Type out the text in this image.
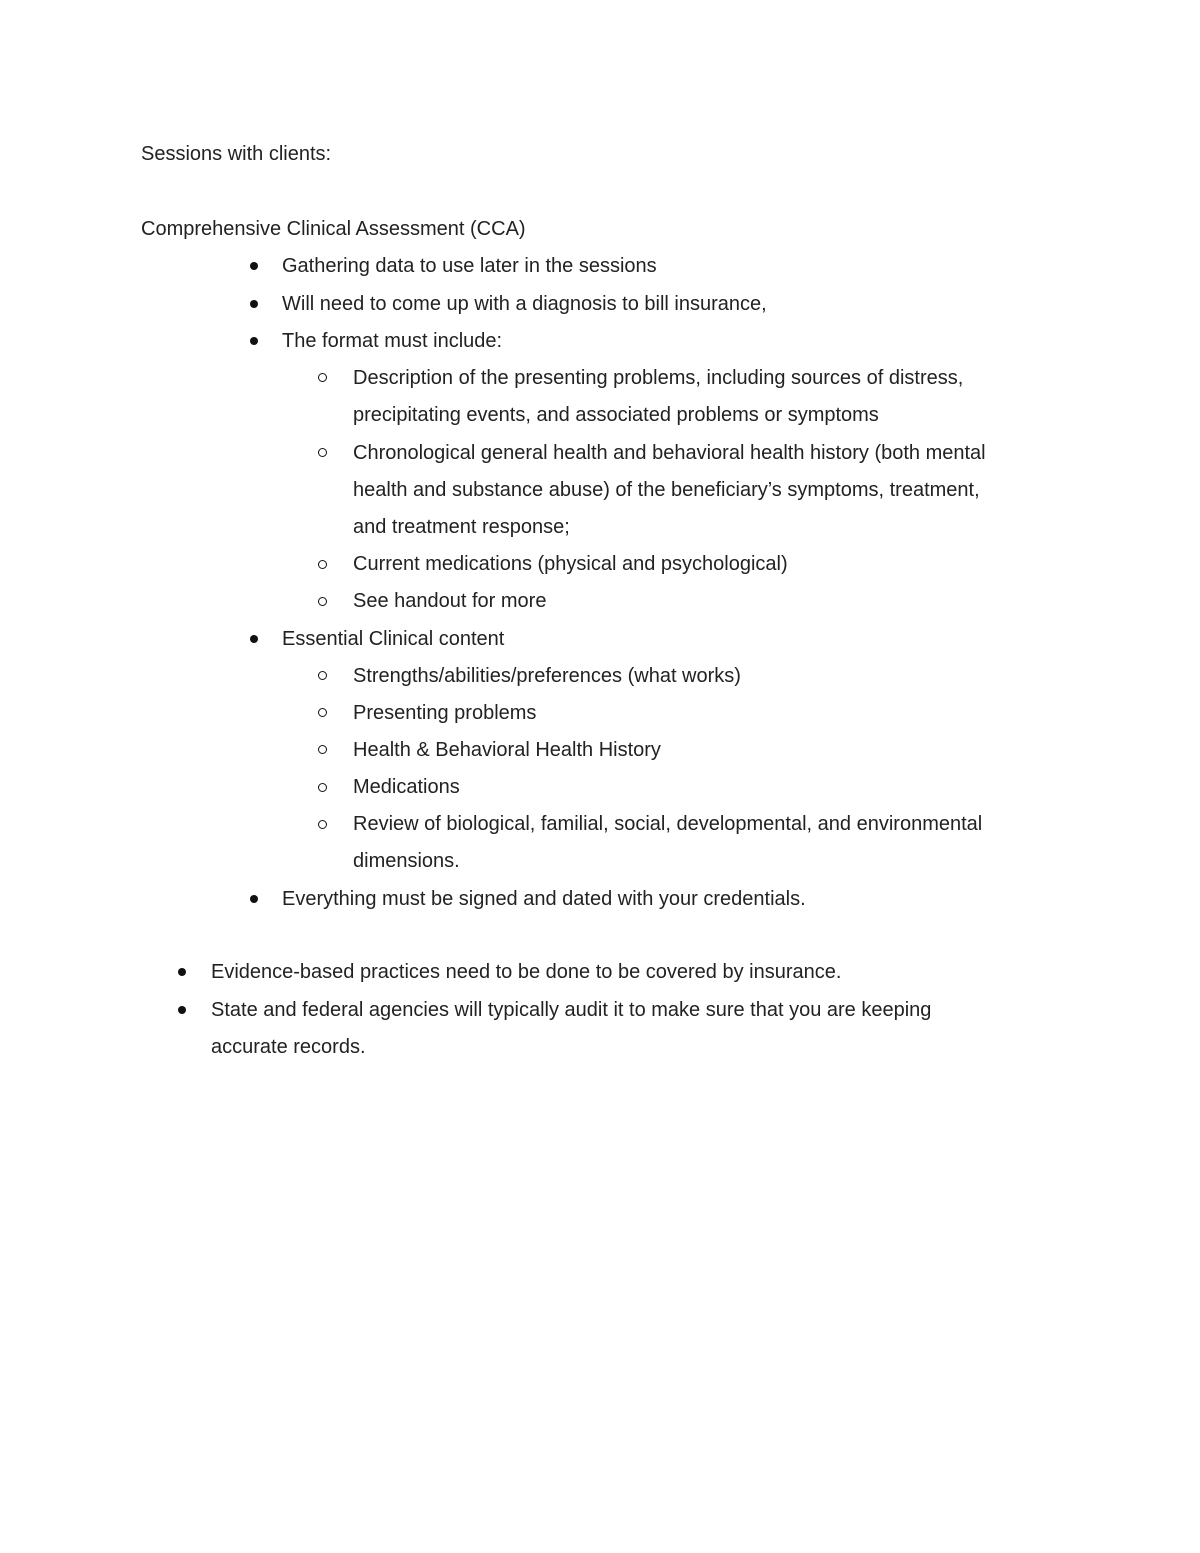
Sessions with clients:
Comprehensive Clinical Assessment (CCA)
Gathering data to use later in the sessions
Will need to come up with a diagnosis to bill insurance,
The format must include:
Description of the presenting problems, including sources of distress,
precipitating events, and associated problems or symptoms
Chronological general health and behavioral health history (both mental
health and substance abuse) of the beneficiary’s symptoms, treatment,
and treatment response;
Current medications (physical and psychological)
See handout for more
Essential Clinical content
Strengths/abilities/preferences (what works)
Presenting problems
Health & Behavioral Health History
Medications
Review of biological, familial, social, developmental, and environmental
dimensions.
Everything must be signed and dated with your credentials.
Evidence-based practices need to be done to be covered by insurance.
State and federal agencies will typically audit it to make sure that you are keeping
accurate records.
